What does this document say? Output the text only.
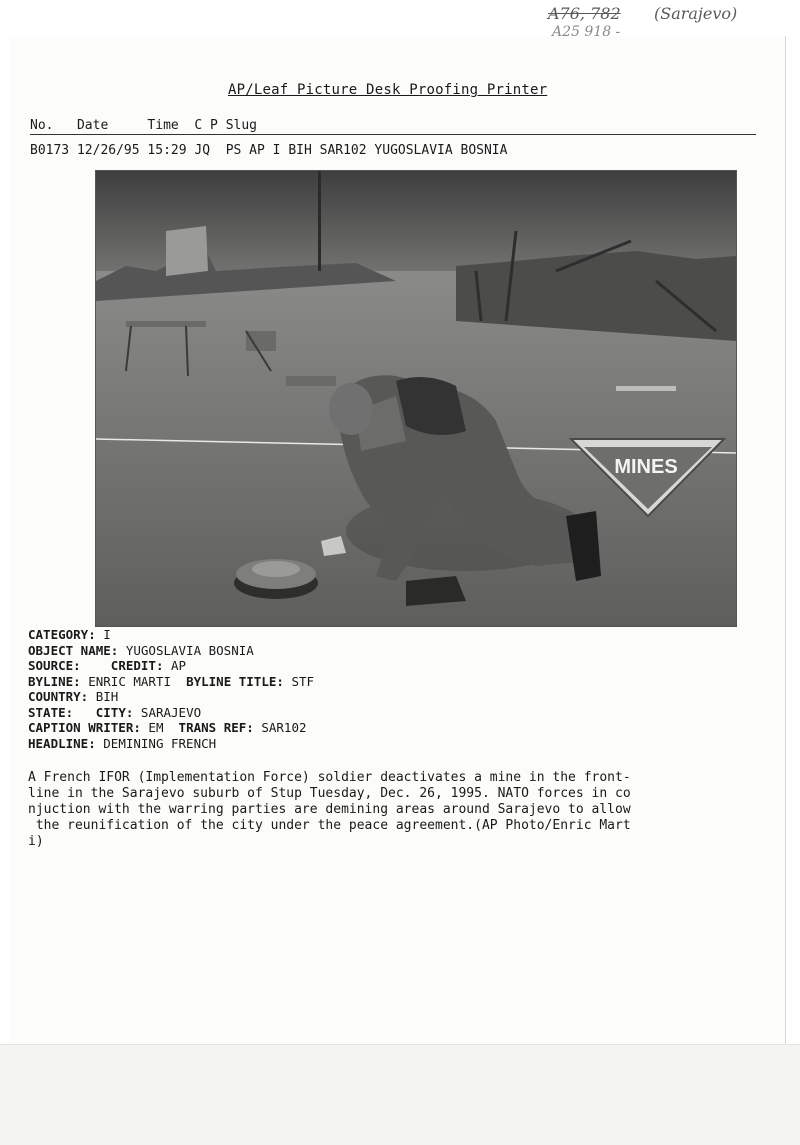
A76, 782 (Sarajevo)
A25 918 -
AP/Leaf Picture Desk Proofing Printer
No. Date	Time C P Slug
B0173 12/26/95 15:29 JQ PS AP I BIH SAR102 YUGOSLAVIA BOSNIA
MINES
CATEGORY: I
OBJECT NAME: YUGOSLAVIA BOSNIA
SOURCE: CREDIT: AP
BYLINE: ENRIC MARTI BYLINE TITLE: STF
COUNTRY: BIH
STATE: CITY: SARAJEVO
CAPTION WRITER: EM TRANS REF: SAR102
HEADLINE: DEMINING FRENCH
A French IFOR (Implementation Force) soldier deactivates a mine in the front-
line in the Sarajevo suburb of Stup Tuesday, Dec. 26, 1995. NATO forces in co
njuction with the warring parties are demining areas around Sarajevo to allow
the reunification of the city under the peace agreement.(AP Photo/Enric Mart
i)
